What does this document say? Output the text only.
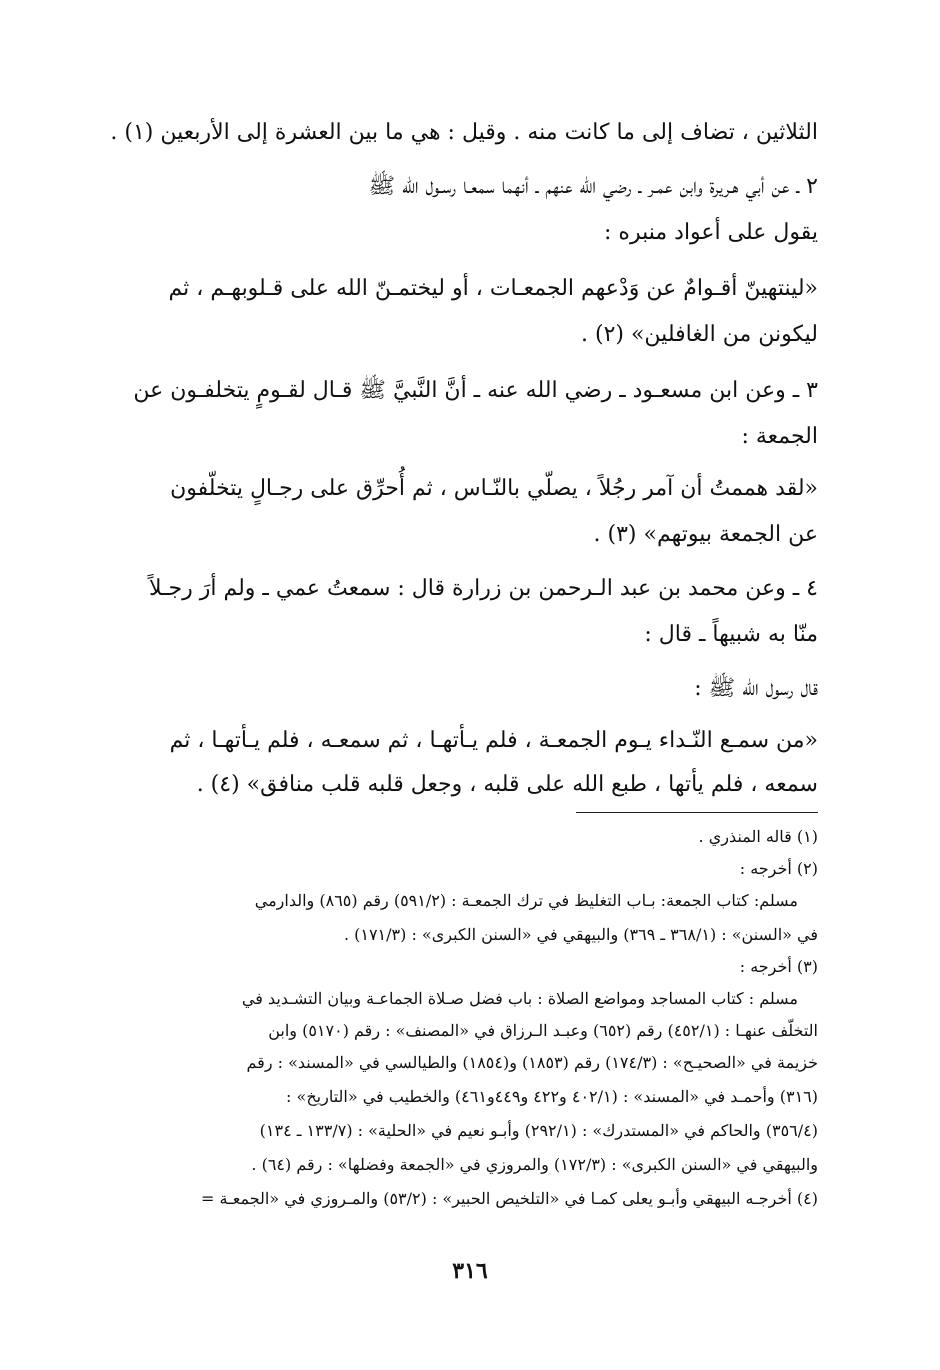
الثلاثين ، تضاف إلى ما كانت منه . وقيل : هي ما بين العشرة إلى الأربعين (١) .
٢ ـ عن أبي هـريرة وابن عمـر ـ رضي الله عنهم ـ أنهما سمعـا رسـول الله ﷺ
يقول على أعواد منبره :
«لينتهينّ أقـوامٌ عن وَدْعهم الجمعـات ، أو ليختمـنّ الله على قـلوبهـم ، ثم
ليكونن من الغافلين» (٢) .
٣ ـ وعن ابن مسعـود ـ رضي الله عنه ـ أنَّ النَّبيَّ ﷺ قـال لقـومٍ يتخلفـون عن
الجمعة :
«لقد هممتُ أن آمر رجُلاً ، يصلّي بالنّـاس ، ثم أُحرِّق على رجـالٍ يتخلّفون
عن الجمعة بيوتهم» (٣) .
٤ ـ وعن محمد بن عبد الـرحمن بن زرارة قال : سمعتُ عمي ـ ولم أرَ رجـلاً
منّا به شبيهاً ـ قال :
قال رسول الله ﷺ :
«من سمـع النّـداء يـوم الجمعـة ، فلم يـأتهـا ، ثم سمعـه ، فلم يـأتهـا ، ثم
سمعه ، فلم يأتها ، طبع الله على قلبه ، وجعل قلبه قلب منافق» (٤) .
(١) قاله المنذري .
(٢) أخرجه :
مسلم: كتاب الجمعة: بـاب التغليظ في ترك الجمعـة : (٥٩١/٢) رقم (٨٦٥) والدارمي
في «السنن» : (٣٦٨/١ ـ ٣٦٩) والبيهقي في «السنن الكبرى» : (١٧١/٣) .
(٣) أخرجه :
مسلم : كتاب المساجد ومواضع الصلاة : باب فضل صـلاة الجماعـة وبيان التشـديد في
التخلّف عنهـا : (٤٥٢/١) رقم (٦٥٢) وعبـد الـرزاق في «المصنف» : رقم (٥١٧٠) وابن
خزيمة في «الصحيـح» : (١٧٤/٣) رقم (١٨٥٣) و(١٨٥٤) والطيالسي في «المسند» : رقم
(٣١٦) وأحمـد في «المسند» : (٤٠٢/١ و٤٢٢ و٤٤٩و٤٦١) والخطيب في «التاريخ» :
(٣٥٦/٤) والحاكم في «المستدرك» : (٢٩٢/١) وأبـو نعيم في «الحلية» : (١٣٣/٧ ـ ١٣٤)
والبيهقي في «السنن الكبرى» : (١٧٢/٣) والمروزي في «الجمعة وفضلها» : رقم (٦٤) .
(٤) أخرجـه البيهقي وأبـو يعلى كمـا في «التلخيص الحبير» : (٥٣/٢) والمـروزي في «الجمعـة =
٣١٦
